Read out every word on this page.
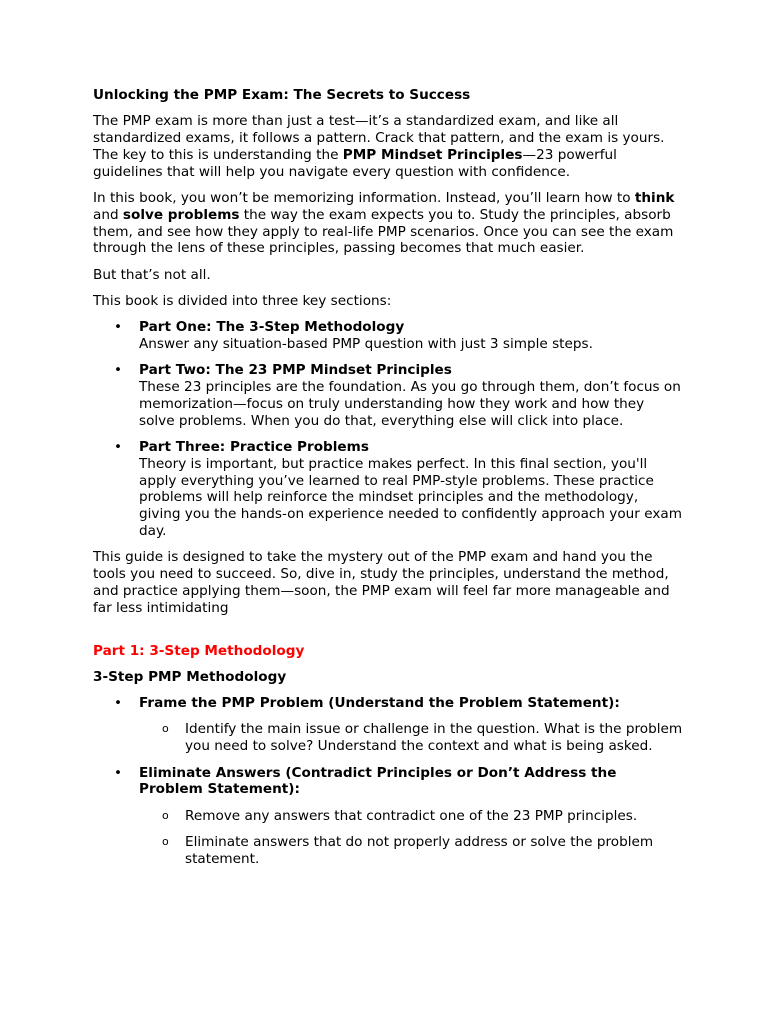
Unlocking the PMP Exam: The Secrets to Success

The PMP exam is more than just a test—it’s a standardized exam, and like all standardized exams, it follows a pattern. Crack that pattern, and the exam is yours. The key to this is understanding the PMP Mindset Principles—23 powerful guidelines that will help you navigate every question with confidence.

In this book, you won’t be memorizing information. Instead, you’ll learn how to think and solve problems the way the exam expects you to. Study the principles, absorb them, and see how they apply to real-life PMP scenarios. Once you can see the exam through the lens of these principles, passing becomes that much easier.

But that’s not all.

This book is divided into three key sections:

• Part One: The 3-Step Methodology
Answer any situation-based PMP question with just 3 simple steps.
• Part Two: The 23 PMP Mindset Principles
These 23 principles are the foundation. As you go through them, don’t focus on memorization—focus on truly understanding how they work and how they solve problems. When you do that, everything else will click into place.
• Part Three: Practice Problems
Theory is important, but practice makes perfect. In this final section, you'll apply everything you’ve learned to real PMP-style problems. These practice problems will help reinforce the mindset principles and the methodology, giving you the hands-on experience needed to confidently approach your exam day.

This guide is designed to take the mystery out of the PMP exam and hand you the tools you need to succeed. So, dive in, study the principles, understand the method, and practice applying them—soon, the PMP exam will feel far more manageable and far less intimidating

Part 1: 3-Step Methodology

3-Step PMP Methodology

• Frame the PMP Problem (Understand the Problem Statement):
o Identify the main issue or challenge in the question. What is the problem you need to solve? Understand the context and what is being asked.
• Eliminate Answers (Contradict Principles or Don’t Address the Problem Statement):
o Remove any answers that contradict one of the 23 PMP principles.
o Eliminate answers that do not properly address or solve the problem statement.
